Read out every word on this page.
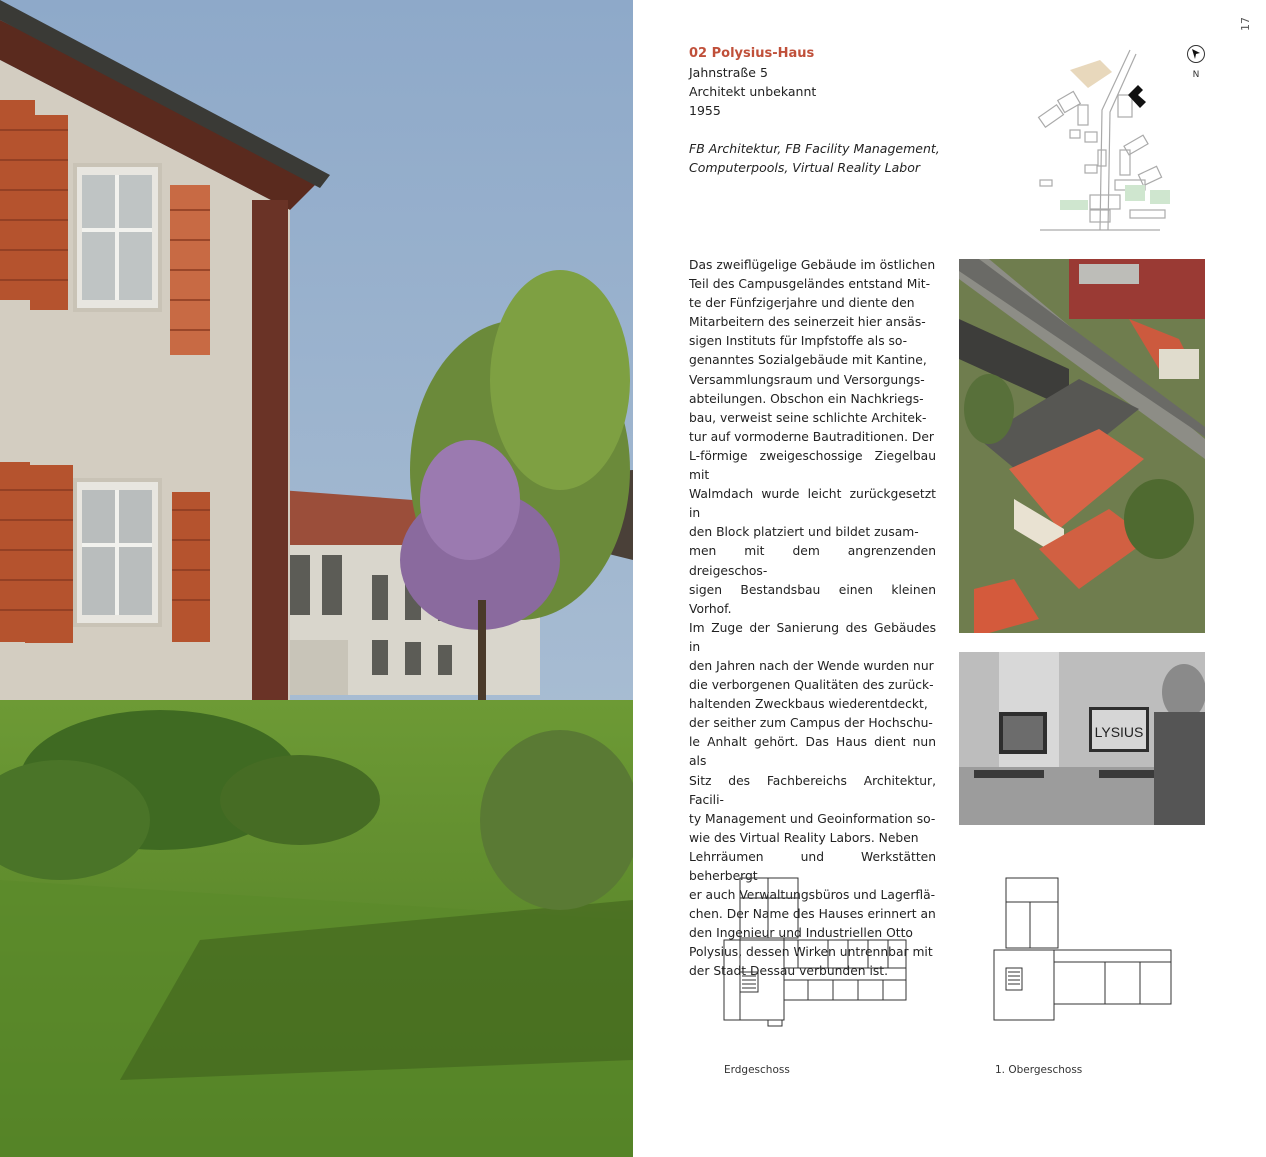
17
02 Polysius-Haus
Jahnstraße 5
Architekt unbekannt
1955
FB Architektur, FB Facility Management,
Computerpools, Virtual Reality Labor
N
Das zweiflügelige Gebäude im östlichen
Teil des Campusgeländes entstand Mit-
te der Fünfzigerjahre und diente den
Mitarbeitern des seinerzeit hier ansäs-
sigen Instituts für Impfstoffe als so-
genanntes Sozialgebäude mit Kantine,
Versammlungsraum und Versorgungs-
abteilungen. Obschon ein Nachkriegs-
bau, verweist seine schlichte Architek-
tur auf vormoderne Bautraditionen. Der
L-förmige zweigeschossige Ziegelbau mit
Walmdach wurde leicht zurückgesetzt in
den Block platziert und bildet zusam-
men mit dem angrenzenden dreigeschos-
sigen Bestandsbau einen kleinen Vorhof.
Im Zuge der Sanierung des Gebäudes in
den Jahren nach der Wende wurden nur
die verborgenen Qualitäten des zurück-
haltenden Zweckbaus wiederentdeckt,
der seither zum Campus der Hochschu-
le Anhalt gehört. Das Haus dient nun als
Sitz des Fachbereichs Architektur, Facili-
ty Management und Geoinformation so-
wie des Virtual Reality Labors. Neben
Lehrräumen und Werkstätten beherbergt
er auch Verwaltungsbüros und Lagerflä-
chen. Der Name des Hauses erinnert an
den Ingenieur und Industriellen Otto
Polysius, dessen Wirken untrennbar mit
der Stadt Dessau verbunden ist.
LYSIUS
Erdgeschoss	1. Obergeschoss
